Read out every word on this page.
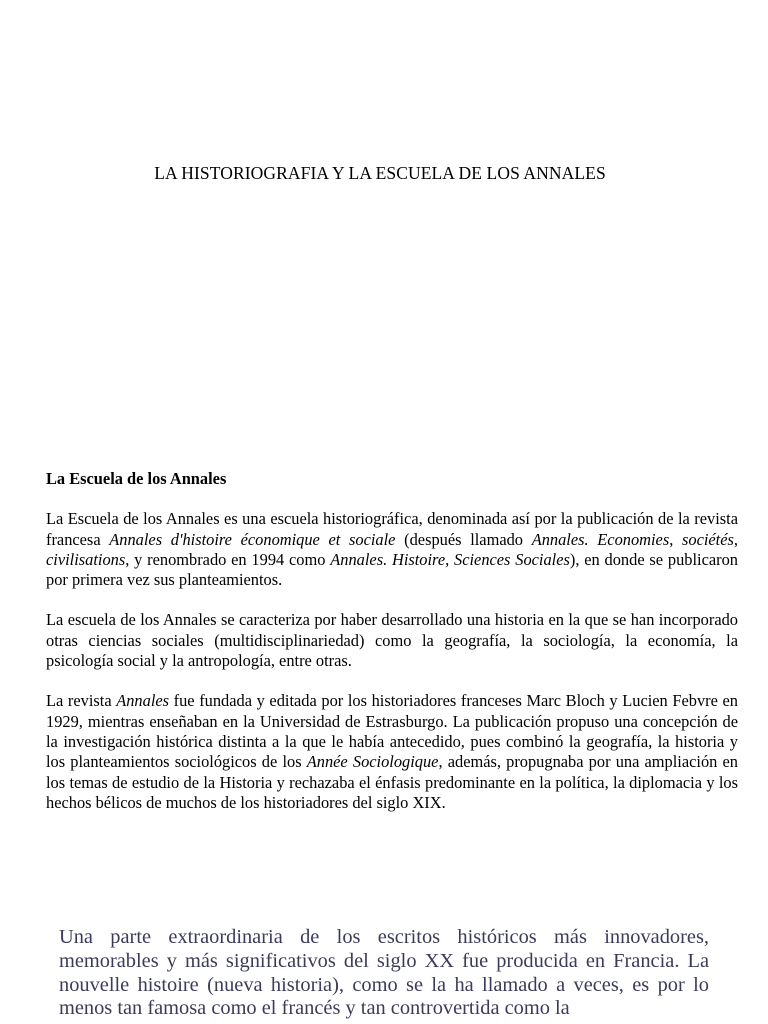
LA HISTORIOGRAFIA Y LA ESCUELA DE LOS ANNALES

La Escuela de los Annales

La Escuela de los Annales es una escuela historiográfica, denominada así por la publicación de la revista francesa Annales d'histoire économique et sociale (después llamado Annales. Economies, sociétés, civilisations, y renombrado en 1994 como Annales. Histoire, Sciences Sociales), en donde se publicaron por primera vez sus planteamientos.

La escuela de los Annales se caracteriza por haber desarrollado una historia en la que se han incorporado otras ciencias sociales (multidisciplinariedad) como la geografía, la sociología, la economía, la psicología social y la antropología, entre otras.

La revista Annales fue fundada y editada por los historiadores franceses Marc Bloch y Lucien Febvre en 1929, mientras enseñaban en la Universidad de Estrasburgo. La publicación propuso una concepción de la investigación histórica distinta a la que le había antecedido, pues combinó la geografía, la historia y los planteamientos sociológicos de los Année Sociologique, además, propugnaba por una ampliación en los temas de estudio de la Historia y rechazaba el énfasis predominante en la política, la diplomacia y los hechos bélicos de muchos de los historiadores del siglo XIX.

Una parte extraordinaria de los escritos históricos más innovadores, memorables y más significativos del siglo XX fue producida en Francia. La nouvelle histoire (nueva historia), como se la ha llamado a veces, es por lo menos tan famosa como el francés y tan controvertida como la
